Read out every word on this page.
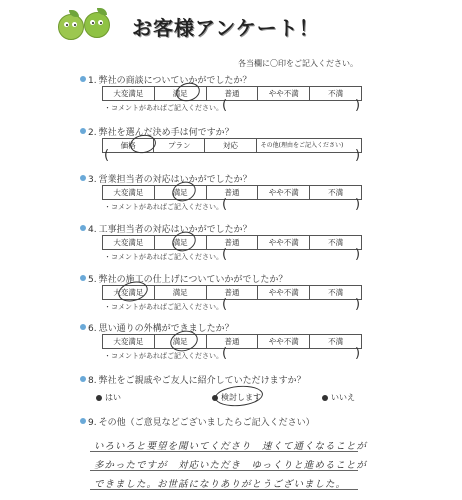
お客様アンケート！
各当欄に〇印をご記入ください。
1. 弊社の商談についていかがでしたか？
大変満足	満足	普通	やや不満	不満
・コメントがあればご記入ください。 (	)
2. 弊社を選んだ決め手は何ですか？
価格	プラン	対応	その他(理由をご記入ください)
(	)
3. 営業担当者の対応はいかがでしたか？
大変満足	満足	普通	やや不満	不満
・コメントがあればご記入ください。 (	)
4. 工事担当者の対応はいかがでしたか？
大変満足	満足	普通	やや不満	不満
・コメントがあればご記入ください。 (	)
5. 弊社の施工の仕上げについていかがでしたか？
大変満足	満足	普通	やや不満	不満
・コメントがあればご記入ください。 (	)
6. 思い通りの外構ができましたか？
大変満足	満足	普通	やや不満	不満
・コメントがあればご記入ください。 (	)
8. 弊社をご親戚やご友人に紹介していただけますか？
はい	検討します	いいえ
9. その他（ご意見などございましたらご記入ください）
いろいろと要望を聞いてくださり　速くて通くなることが
多かったですが　対応いただき　ゆっくりと進めることが
できました。お世話になりありがとうございました。
